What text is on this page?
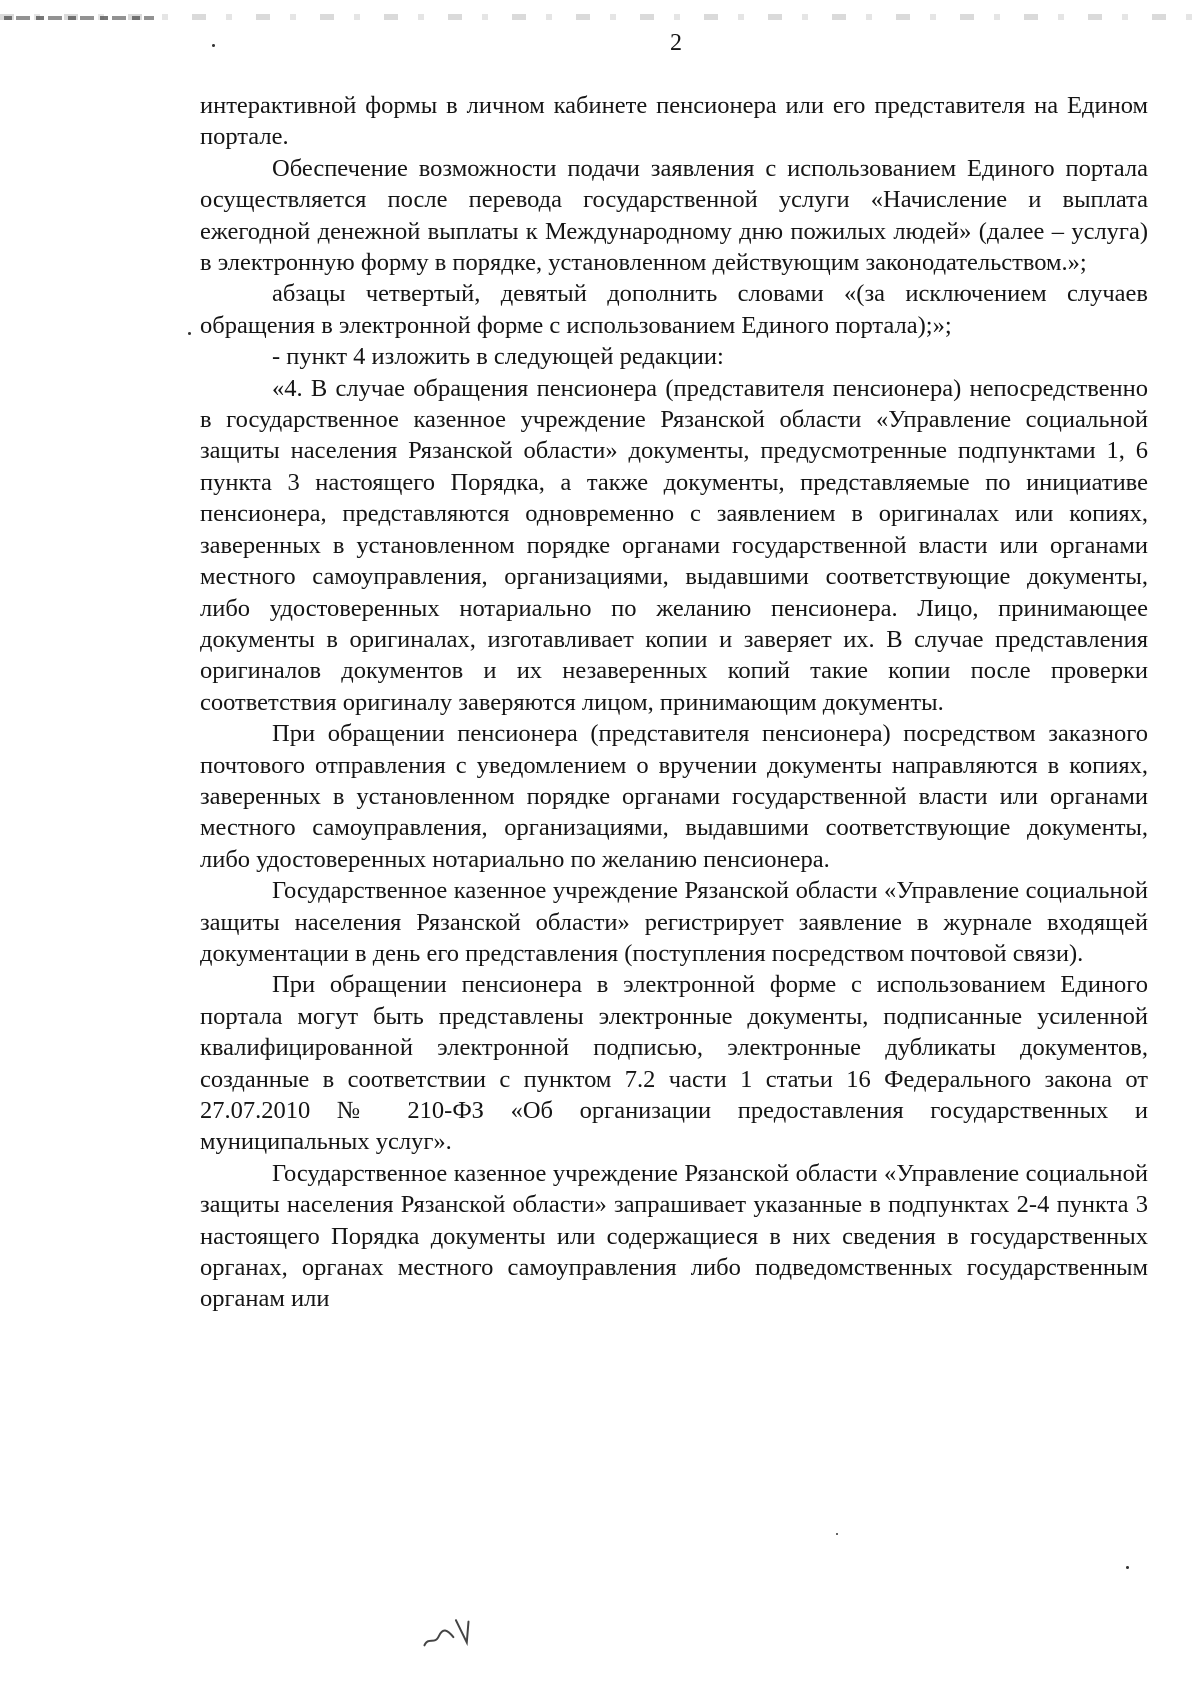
2

интерактивной формы в личном кабинете пенсионера или его представителя на Едином портале.

Обеспечение возможности подачи заявления с использованием Единого портала осуществляется после перевода государственной услуги «Начисление и выплата ежегодной денежной выплаты к Международному дню пожилых людей» (далее – услуга) в электронную форму в порядке, установленном действующим законодательством.»;

абзацы четвертый, девятый дополнить словами «(за исключением случаев обращения в электронной форме с использованием Единого портала);»;

- пункт 4 изложить в следующей редакции:

«4. В случае обращения пенсионера (представителя пенсионера) непосредственно в государственное казенное учреждение Рязанской области «Управление социальной защиты населения Рязанской области» документы, предусмотренные подпунктами 1, 6 пункта 3 настоящего Порядка, а также документы, представляемые по инициативе пенсионера, представляются одновременно с заявлением в оригиналах или копиях, заверенных в установленном порядке органами государственной власти или органами местного самоуправления, организациями, выдавшими соответствующие документы, либо удостоверенных нотариально по желанию пенсионера. Лицо, принимающее документы в оригиналах, изготавливает копии и заверяет их. В случае представления оригиналов документов и их незаверенных копий такие копии после проверки соответствия оригиналу заверяются лицом, принимающим документы.

При обращении пенсионера (представителя пенсионера) посредством заказного почтового отправления с уведомлением о вручении документы направляются в копиях, заверенных в установленном порядке органами государственной власти или органами местного самоуправления, организациями, выдавшими соответствующие документы, либо удостоверенных нотариально по желанию пенсионера.

Государственное казенное учреждение Рязанской области «Управление социальной защиты населения Рязанской области» регистрирует заявление в журнале входящей документации в день его представления (поступления посредством почтовой связи).

При обращении пенсионера в электронной форме с использованием Единого портала могут быть представлены электронные документы, подписанные усиленной квалифицированной электронной подписью, электронные дубликаты документов, созданные в соответствии с пунктом 7.2 части 1 статьи 16 Федерального закона от 27.07.2010 № 210-ФЗ «Об организации предоставления государственных и муниципальных услуг».

Государственное казенное учреждение Рязанской области «Управление социальной защиты населения Рязанской области» запрашивает указанные в подпунктах 2-4 пункта 3 настоящего Порядка документы или содержащиеся в них сведения в государственных органах, органах местного самоуправления либо подведомственных государственным органам или
